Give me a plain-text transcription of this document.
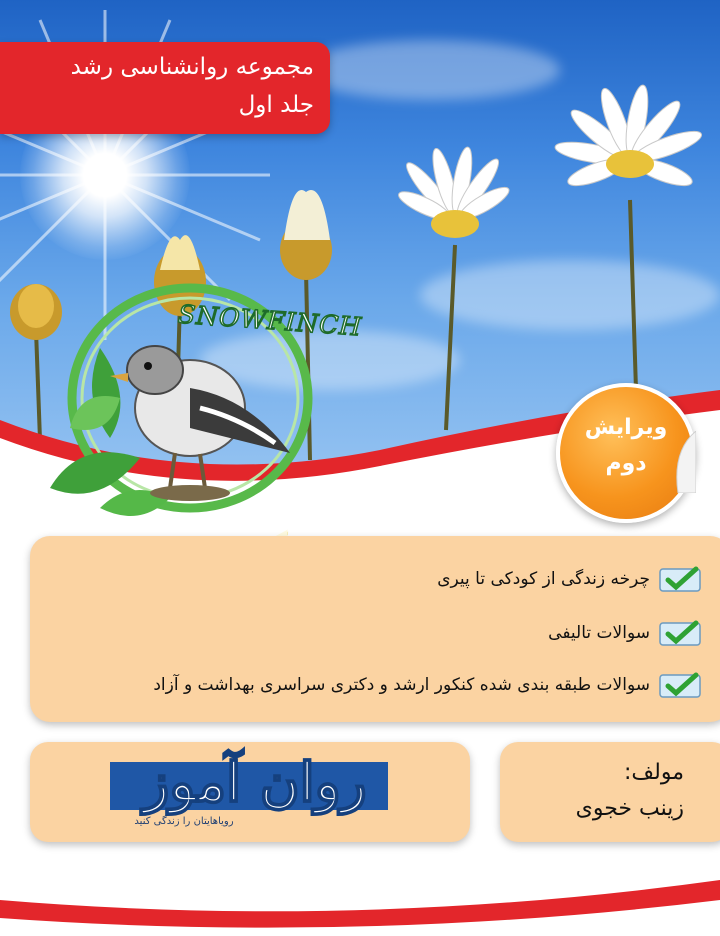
مجموعه روانشناسی رشد
جلد اول
ویرایش
دوم
SNOWFINCH
چرخه زندگی از کودکی تا پیری
سوالات تالیفی
سوالات طبقه بندی شده کنکور ارشد و دکتری سراسری بهداشت و آزاد
روان آموز
رویاهایتان را زندگی کنید
مولف:
زینب خجوی
